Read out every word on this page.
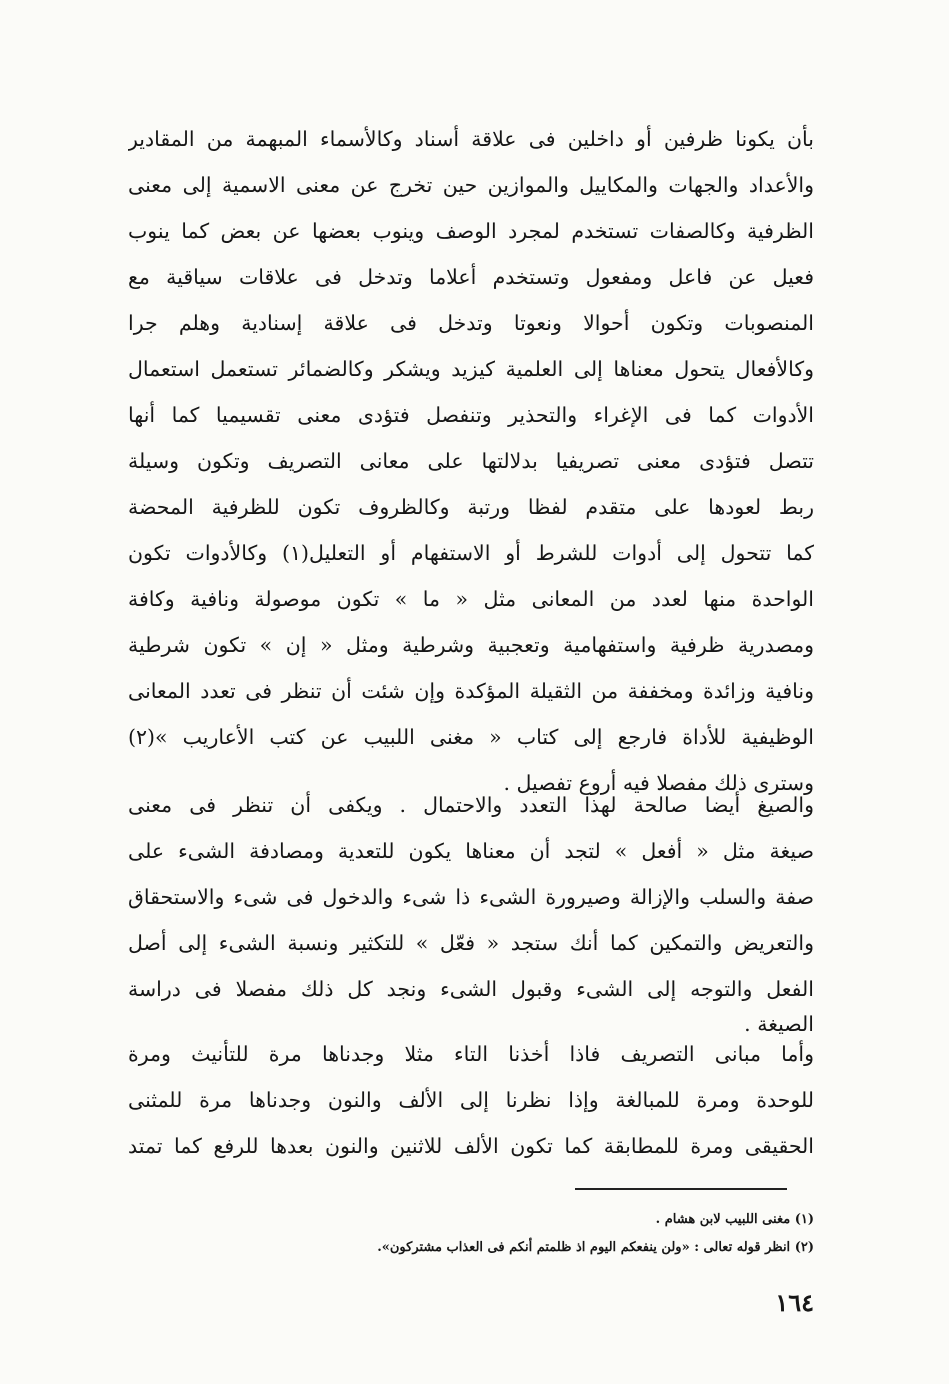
بأن يكونا ظرفين أو داخلين فى علاقة أسناد وكالأسماء المبهمة من المقادير
والأعداد والجهات والمكاييل والموازين حين تخرج عن معنى الاسمية إلى معنى
الظرفية وكالصفات تستخدم لمجرد الوصف وينوب بعضها عن بعض كما ينوب
فعيل عن فاعل ومفعول وتستخدم أعلاما وتدخل فى علاقات سياقية مع
المنصوبات وتكون أحوالا ونعوتا وتدخل فى علاقة إسنادية وهلم جرا
وكالأفعال يتحول معناها إلى العلمية كيزيد ويشكر وكالضمائر تستعمل استعمال
الأدوات كما فى الإغراء والتحذير وتنفصل فتؤدى معنى تقسيميا كما أنها
تتصل فتؤدى معنى تصريفيا بدلالتها على معانى التصريف وتكون وسيلة
ربط لعودها على متقدم لفظا ورتبة وكالظروف تكون للظرفية المحضة
كما تتحول إلى أدوات للشرط أو الاستفهام أو التعليل(١) وكالأدوات تكون
الواحدة منها لعدد من المعانى مثل « ما » تكون موصولة ونافية وكافة
ومصدرية ظرفية واستفهامية وتعجبية وشرطية ومثل « إن » تكون شرطية
ونافية وزائدة ومخففة من الثقيلة المؤكدة وإن شئت أن تنظر فى تعدد المعانى
الوظيفية للأداة فارجع إلى كتاب « مغنى اللبيب عن كتب الأعاريب »(٢)
وسترى ذلك مفصلا فيه أروع تفصيل .
والصيغ أيضا صالحة لهذا التعدد والاحتمال . ويكفى أن تنظر فى معنى
صيغة مثل « أفعل » لتجد أن معناها يكون للتعدية ومصادفة الشىء على
صفة والسلب والإزالة وصيرورة الشىء ذا شىء والدخول فى شىء والاستحقاق
والتعريض والتمكين كما أنك ستجد « فعّل » للتكثير ونسبة الشىء إلى أصل
الفعل والتوجه إلى الشىء وقبول الشىء ونجد كل ذلك مفصلا فى دراسة
الصيغة .
وأما مبانى التصريف فاذا أخذنا التاء مثلا وجدناها مرة للتأنيث ومرة
للوحدة ومرة للمبالغة وإذا نظرنا إلى الألف والنون وجدناها مرة للمثنى
الحقيقى ومرة للمطابقة كما تكون الألف للاثنين والنون بعدها للرفع كما تمتد
(١) مغنى اللبيب لابن هشام .
(٢) انظر قوله تعالى : «ولن ينفعكم اليوم اذ ظلمتم أنكم فى العذاب مشتركون».
١٦٤
